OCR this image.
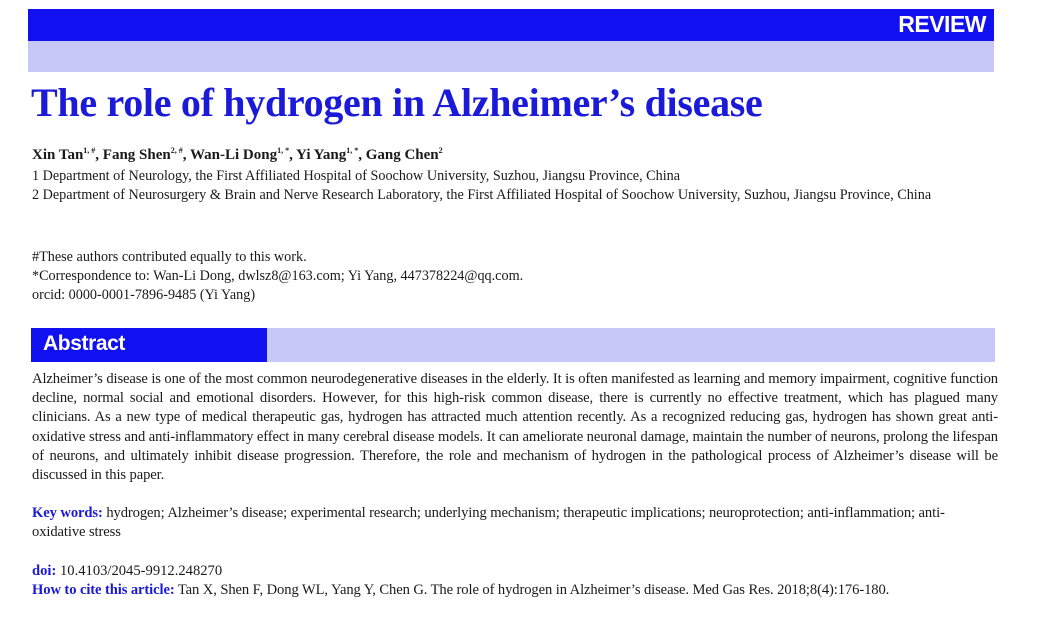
REVIEW
The role of hydrogen in Alzheimer’s disease
Xin Tan$^{1, \#}$, Fang Shen$^{2, \#}$, Wan-Li Dong$^{1, *}$, Yi Yang$^{1, *}$, Gang Chen$^2$
1 Department of Neurology, the First Affiliated Hospital of Soochow University, Suzhou, Jiangsu Province, China
2 Department of Neurosurgery & Brain and Nerve Research Laboratory, the First Affiliated Hospital of Soochow University, Suzhou, Jiangsu Province, China
#These authors contributed equally to this work.
*Correspondence to: Wan-Li Dong, dwlsz8@163.com; Yi Yang, 447378224@qq.com.
orcid: 0000-0001-7896-9485 (Yi Yang)
Abstract

Alzheimer’s disease is one of the most common neurodegenerative diseases in the elderly. It is often manifested as learning and memory impairment, cognitive function decline, normal social and emotional disorders. However, for this high-risk common disease, there is currently no effective treatment, which has plagued many clinicians. As a new type of medical therapeutic gas, hydrogen has attracted much attention recently. As a recognized reducing gas, hydrogen has shown great anti-oxidative stress and anti-inflammatory effect in many cerebral disease models. It can ameliorate neuronal damage, maintain the number of neurons, prolong the lifespan of neurons, and ultimately inhibit disease progression. Therefore, the role and mechanism of hydrogen in the pathological process of Alzheimer’s disease will be discussed in this paper.

Key words: hydrogen; Alzheimer’s disease; experimental research; underlying mechanism; therapeutic implications; neuroprotection; anti-inflammation; anti-oxidative stress

doi: 10.4103/2045-9912.248270

How to cite this article: Tan X, Shen F, Dong WL, Yang Y, Chen G. The role of hydrogen in Alzheimer’s disease. Med Gas Res. 2018;8(4):176-180.
